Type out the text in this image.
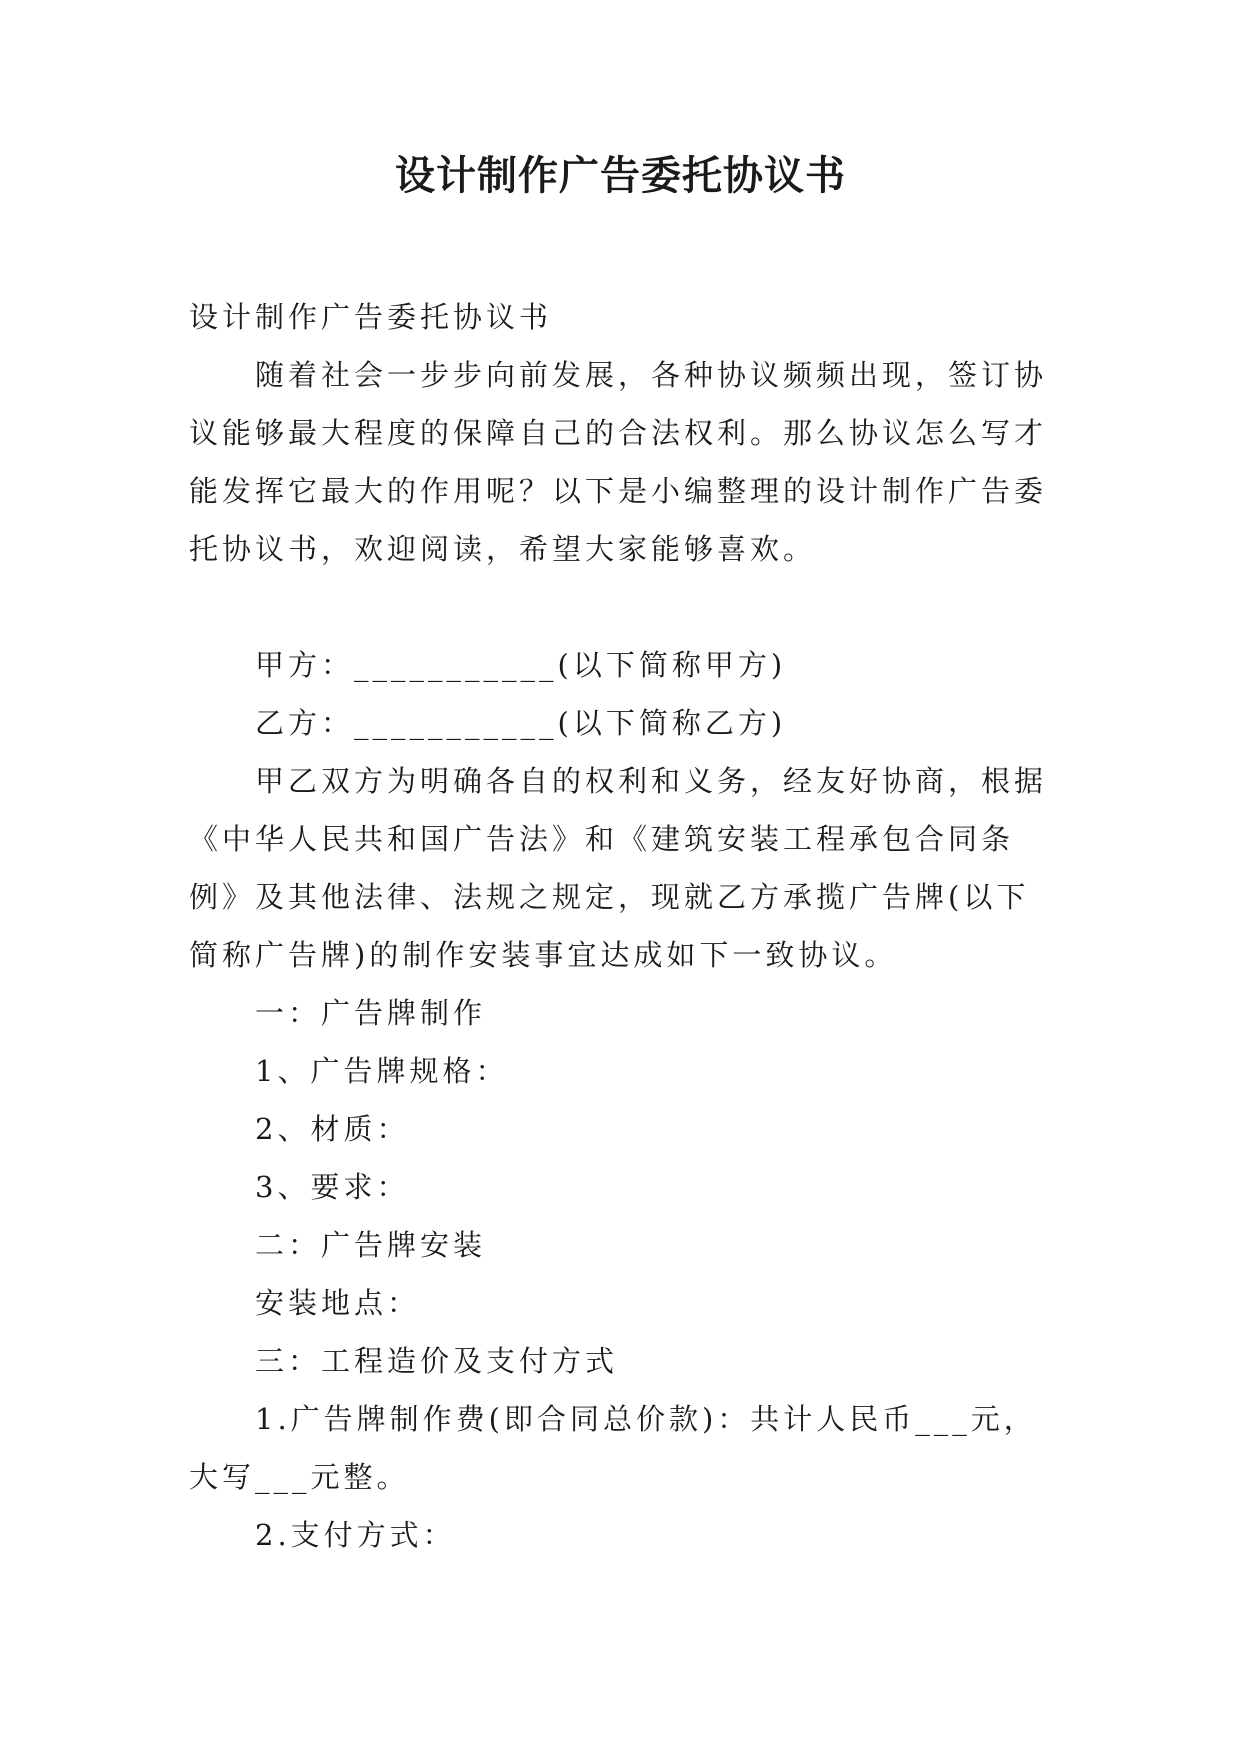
设计制作广告委托协议书

设计制作广告委托协议书

随着社会一步步向前发展，各种协议频频出现，签订协议能够最大程度的保障自己的合法权利。那么协议怎么写才能发挥它最大的作用呢？以下是小编整理的设计制作广告委托协议书，欢迎阅读，希望大家能够喜欢。

甲方：___________(以下简称甲方)

乙方：___________(以下简称乙方)

甲乙双方为明确各自的权利和义务，经友好协商，根据《中华人民共和国广告法》和《建筑安装工程承包合同条例》及其他法律、法规之规定，现就乙方承揽广告牌(以下简称广告牌)的制作安装事宜达成如下一致协议。

一：广告牌制作

1、广告牌规格：

2、材质：

3、要求：

二：广告牌安装

安装地点：

三：工程造价及支付方式

1.广告牌制作费(即合同总价款)：共计人民币___元，大写___元整。

2.支付方式：
